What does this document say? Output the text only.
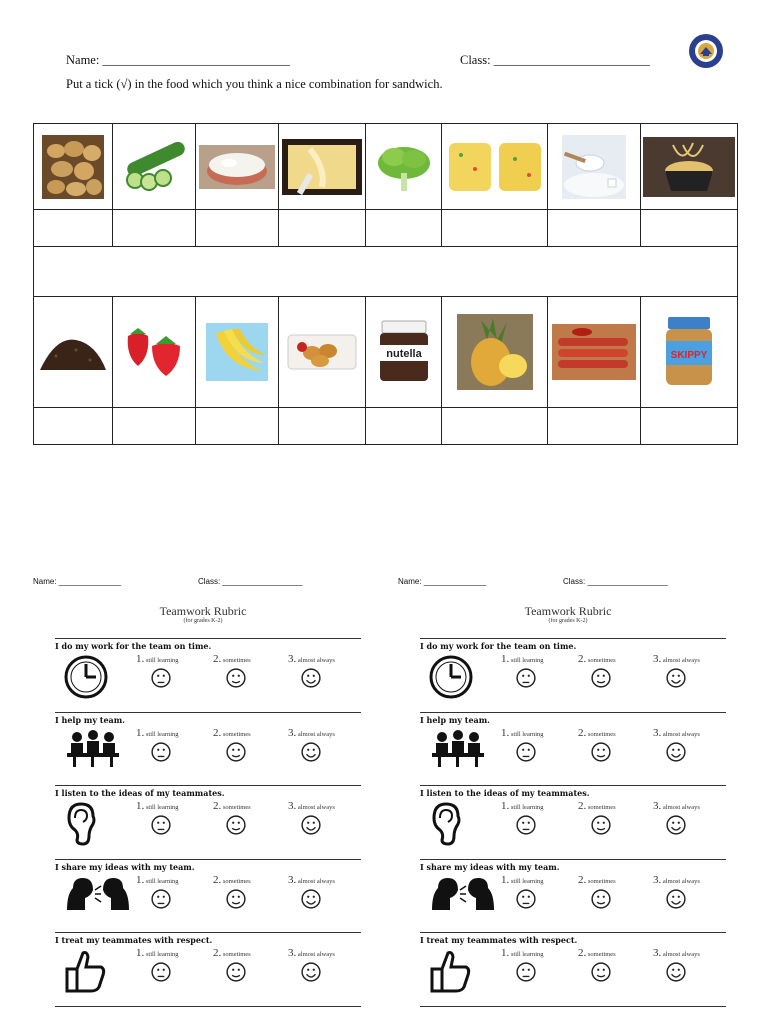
Name: ______________________________	Class: _________________________
Put a tick (√) in the food which you think a nice combination for sandwich.

nutella			SKIPPY

Name: ______________	Class: __________________
Teamwork Rubric
(for grades K-2)
I do my work for the team on time.
1. still learning	2. sometimes	3. almost always
I help my team.
1. still learning	2. sometimes	3. almost always
I listen to the ideas of my teammates.
1. still learning	2. sometimes	3. almost always
I share my ideas with my team.
1. still learning	2. sometimes	3. almost always
I treat my teammates with respect.
1. still learning	2. sometimes	3. almost always
Name: ______________	Class: __________________
Teamwork Rubric
(for grades K-2)
I do my work for the team on time.
1. still learning	2. sometimes	3. almost always
I help my team.
1. still learning	2. sometimes	3. almost always
I listen to the ideas of my teammates.
1. still learning	2. sometimes	3. almost always
I share my ideas with my team.
1. still learning	2. sometimes	3. almost always
I treat my teammates with respect.
1. still learning	2. sometimes	3. almost always
